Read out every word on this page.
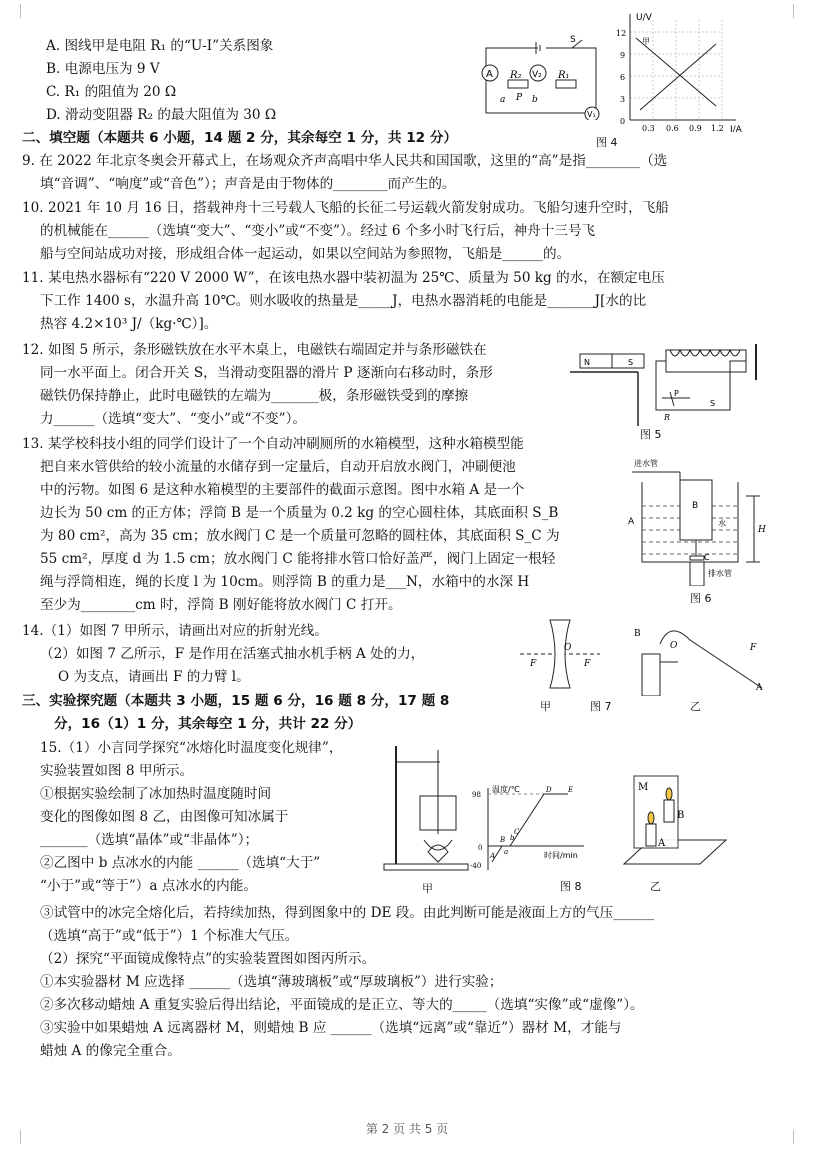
A. 图线甲是电阻 R₁ 的“U-I”关系图象
B. 电源电压为 9 V
C. R₁ 的阻值为 20 Ω
D. 滑动变阻器 R₂ 的最大阻值为 30 Ω
二、填空题（本题共 6 小题，14 题 2 分，其余每空 1 分，共 12 分）
9. 在 2022 年北京冬奥会开幕式上，在场观众齐声高唱中华人民共和国国歌，这里的“高”是指________（选
填“音调”、“响度”或“音色”）；声音是由于物体的________而产生的。
10. 2021 年 10 月 16 日，搭载神舟十三号载人飞船的长征二号运载火箭发射成功。飞船匀速升空时，飞船
的机械能在______（选填“变大”、“变小”或“不变”）。经过 6 个多小时飞行后，神舟十三号飞
船与空间站成功对接，形成组合体一起运动，如果以空间站为参照物，飞船是______的。
11. 某电热水器标有“220 V 2000 W”，在该电热水器中装初温为 25℃、质量为 50 kg 的水，在额定电压
下工作 1400 s，水温升高 10℃。则水吸收的热量是_____J，电热水器消耗的电能是_______J[水的比
热容 4.2×10³ J/（kg·℃）]。
12. 如图 5 所示，条形磁铁放在水平木桌上，电磁铁右端固定并与条形磁铁在
同一水平面上。闭合开关 S，当滑动变阻器的滑片 P 逐渐向右移动时，条形
磁铁仍保持静止，此时电磁铁的左端为_______极，条形磁铁受到的摩擦
力______（选填“变大”、“变小”或“不变”）。
13. 某学校科技小组的同学们设计了一个自动冲刷厕所的水箱模型，这种水箱模型能
把自来水管供给的较小流量的水储存到一定量后，自动开启放水阀门，冲刷便池
中的污物。如图 6 是这种水箱模型的主要部件的截面示意图。图中水箱 A 是一个
边长为 50 cm 的正方体；浮筒 B 是一个质量为 0.2 kg 的空心圆柱体，其底面积 S_B
为 80 cm²，高为 35 cm；放水阀门 C 是一个质量可忽略的圆柱体，其底面积 S_C 为
55 cm²，厚度 d 为 1.5 cm；放水阀门 C 能将排水管口恰好盖严，阀门上固定一根轻
绳与浮筒相连，绳的长度 l 为 10cm。则浮筒 B 的重力是___N，水箱中的水深 H
至少为________cm 时，浮筒 B 刚好能将放水阀门 C 打开。
14.（1）如图 7 甲所示，请画出对应的折射光线。
（2）如图 7 乙所示，F 是作用在活塞式抽水机手柄 A 处的力，
O 为支点，请画出 F 的力臂 l。
三、实验探究题（本题共 3 小题，15 题 6 分，16 题 8 分，17 题 8
分，16（1）1 分，其余每空 1 分，共计 22 分）
15.（1）小言同学探究“冰熔化时温度变化规律”，
实验装置如图 8 甲所示。
①根据实验绘制了冰加热时温度随时间
变化的图像如图 8 乙，由图像可知冰属于
_______（选填“晶体”或“非晶体”）；
②乙图中 b 点冰水的内能 ______（选填“大于”
“小于”或“等于”）a 点冰水的内能。
③试管中的冰完全熔化后，若持续加热，得到图象中的 DE 段。由此判断可能是液面上方的气压______
（选填“高于”或“低于”）1 个标准大气压。
（2）探究“平面镜成像特点”的实验装置图如图丙所示。
①本实验器材 M 应选择 ______（选填“薄玻璃板”或“厚玻璃板”）进行实验；
②多次移动蜡烛 A 重复实验后得出结论，平面镜成的是正立、等大的_____（选填“实像”或“虚像”）。
③实验中如果蜡烛 A 远离器材 M，则蜡烛 B 应 ______（选填“远离”或“靠近”）器材 M，才能与
蜡烛 A 的像完全重合。
A	V₂
R₂	R₁
S
a P b
V₁
U/V
I/A
0
3
6
9
12
0.3 0.6 0.9 1.2
甲
图 4
N	S
P
R
S
图 5
进水管
A
B
水
H
C
排水管
图 6
O
F	F
B
F
A
O
甲	图 7	乙
甲
温度/℃
时间/min
98
0
-40
A
B
a
b
C
D E
图 8
M
B
A
乙
第 2 页 共 5 页
